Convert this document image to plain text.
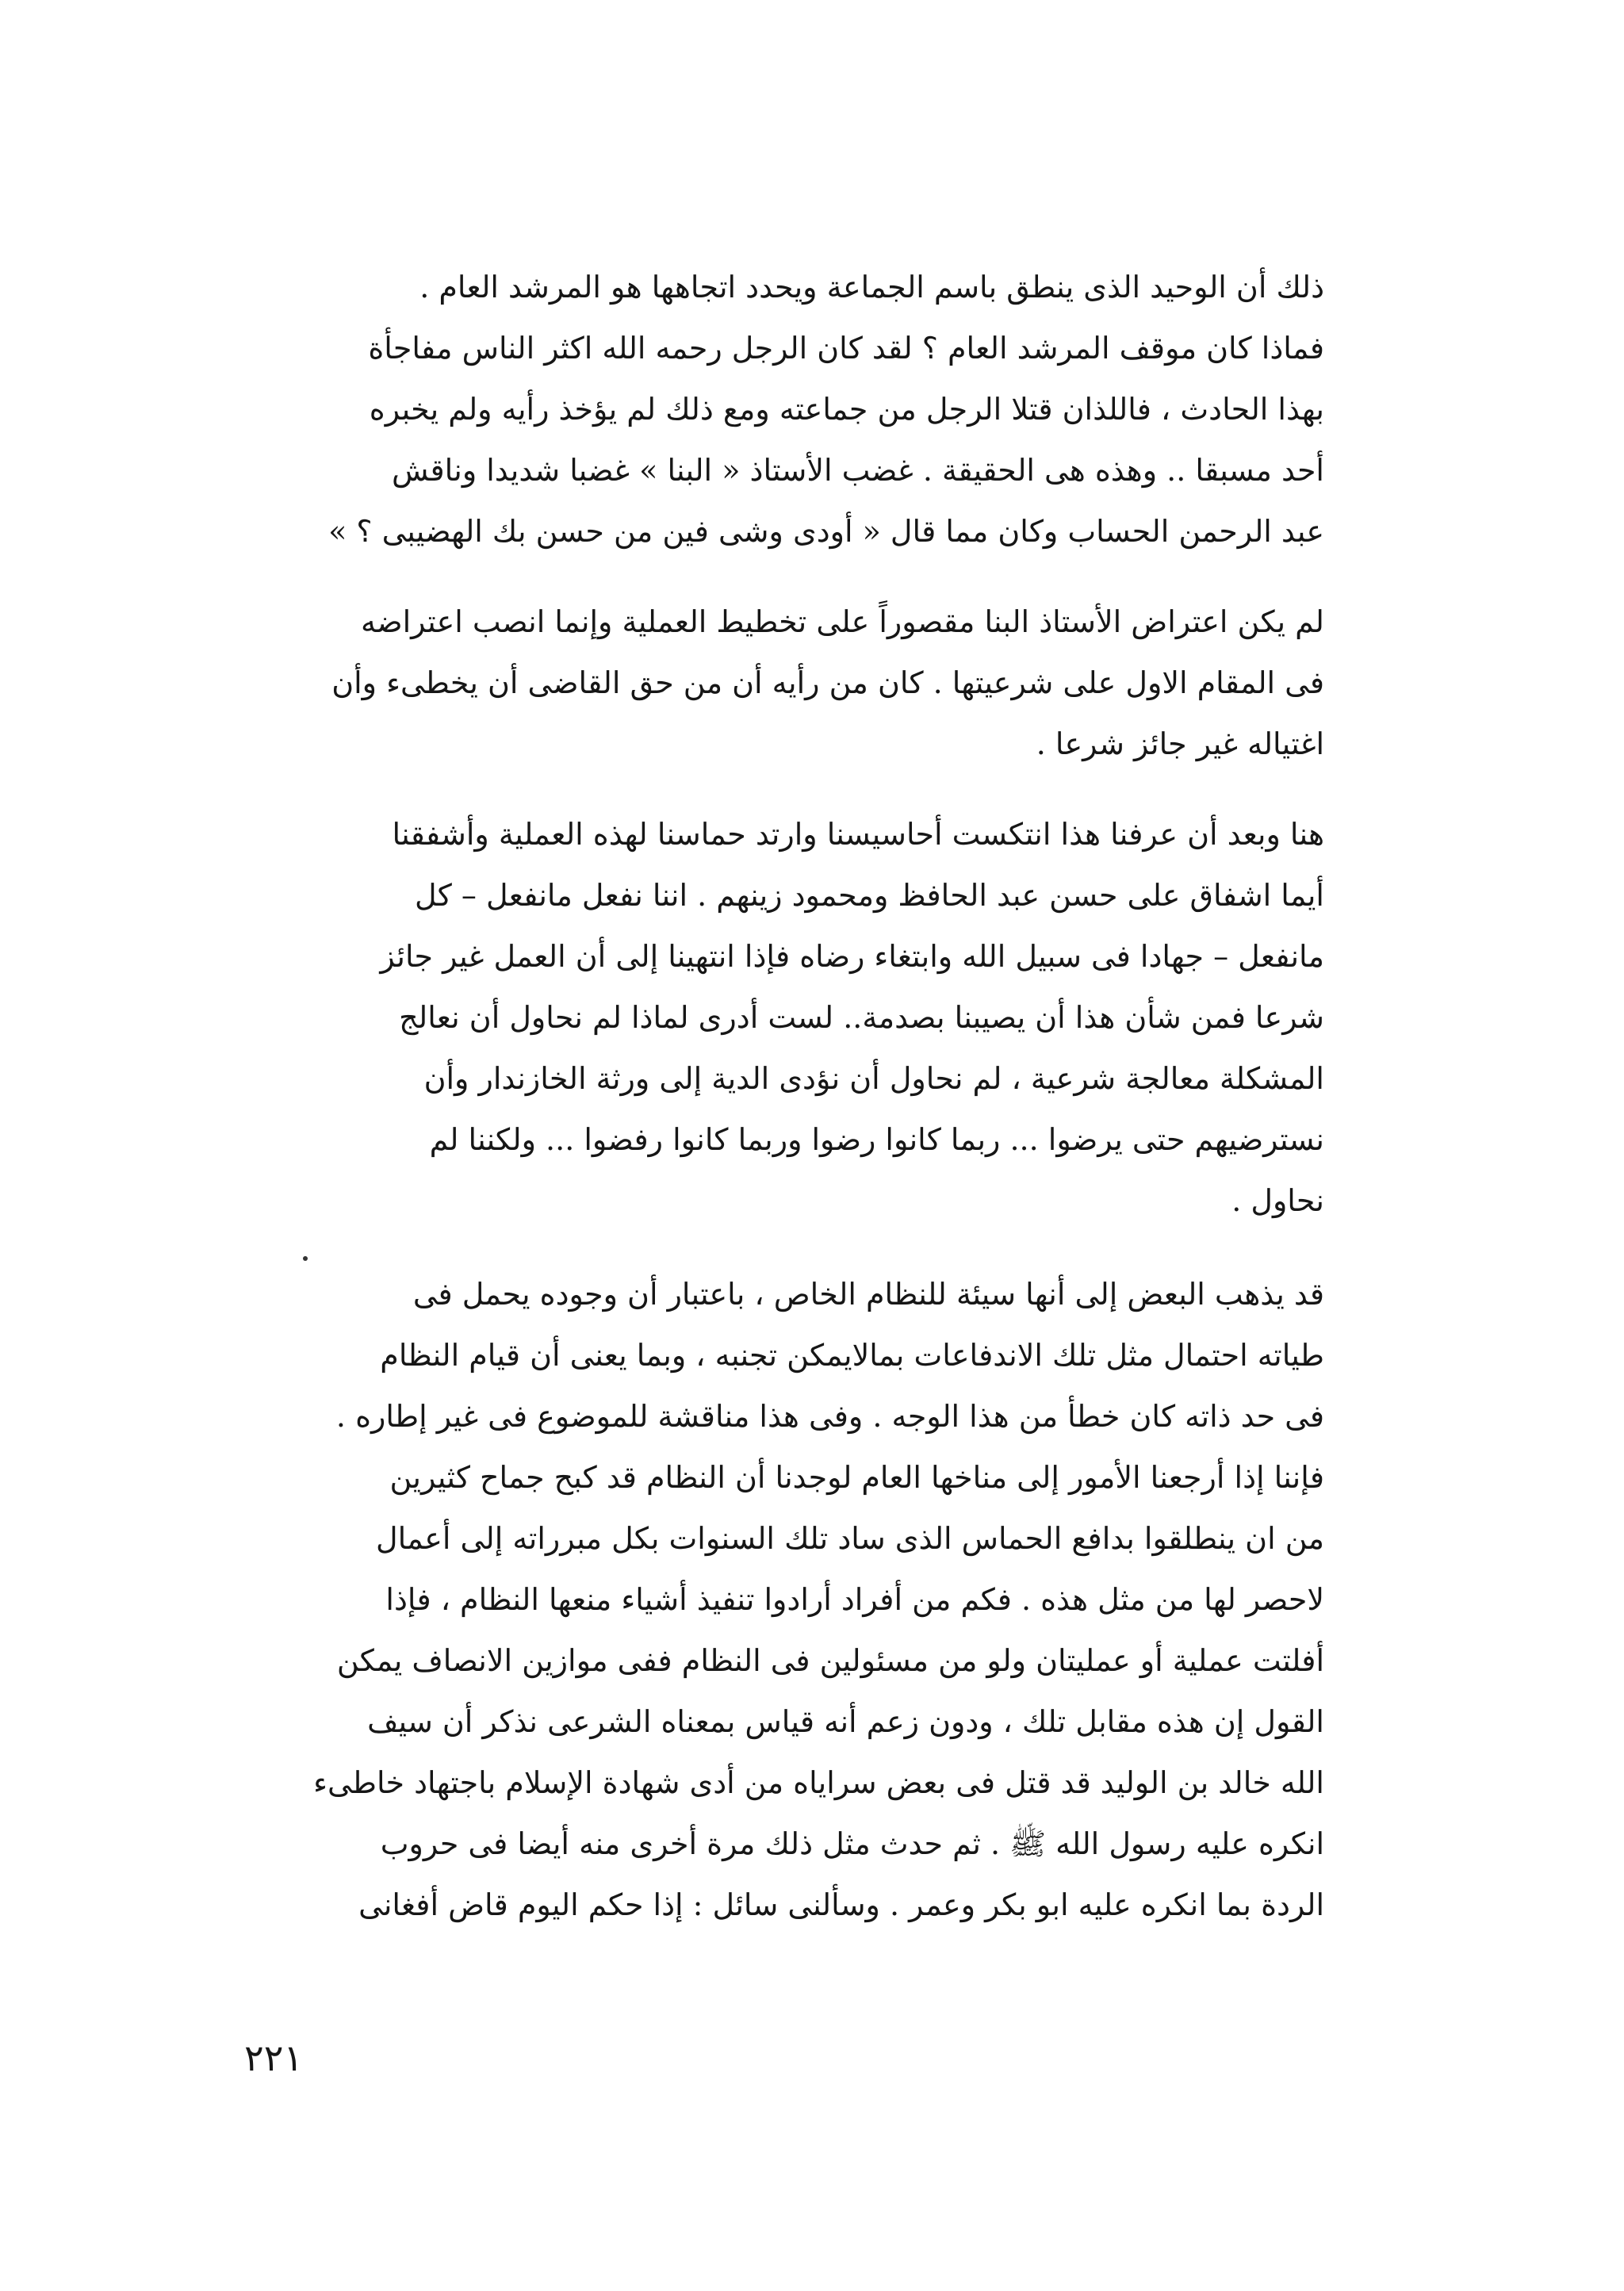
ذلك أن الوحيد الذى ينطق باسم الجماعة ويحدد اتجاهها هو المرشد العام .
فماذا كان موقف المرشد العام ؟ لقد كان الرجل رحمه الله اكثر الناس مفاجأة
بهذا الحادث ، فاللذان قتلا الرجل من جماعته ومع ذلك لم يؤخذ رأيه ولم يخبره
أحد مسبقا .. وهذه هى الحقيقة . غضب الأستاذ « البنا » غضبا شديدا وناقش
عبد الرحمن الحساب وكان مما قال « أودى وشى فين من حسن بك الهضيبى ؟ »
لم يكن اعتراض الأستاذ البنا مقصوراً على تخطيط العملية وإنما انصب اعتراضه
فى المقام الاول على شرعيتها . كان من رأيه أن من حق القاضى أن يخطىء وأن
اغتياله غير جائز شرعا .
هنا وبعد أن عرفنا هذا انتكست أحاسيسنا وارتد حماسنا لهذه العملية وأشفقنا
أيما اشفاق على حسن عبد الحافظ ومحمود زينهم . اننا نفعل مانفعل – كل
مانفعل – جهادا فى سبيل الله وابتغاء رضاه فإذا انتهينا إلى أن العمل غير جائز
شرعا فمن شأن هذا أن يصيبنا بصدمة.. لست أدرى لماذا لم نحاول أن نعالج
المشكلة معالجة شرعية ، لم نحاول أن نؤدى الدية إلى ورثة الخازندار وأن
نسترضيهم حتى يرضوا ... ربما كانوا رضوا وربما كانوا رفضوا ... ولكننا لم
نحاول .
قد يذهب البعض إلى أنها سيئة للنظام الخاص ، باعتبار أن وجوده يحمل فى
طياته احتمال مثل تلك الاندفاعات بمالايمكن تجنبه ، وبما يعنى أن قيام النظام
فى حد ذاته كان خطأ من هذا الوجه . وفى هذا مناقشة للموضوع فى غير إطاره .
فإننا إذا أرجعنا الأمور إلى مناخها العام لوجدنا أن النظام قد كبح جماح كثيرين
من ان ينطلقوا بدافع الحماس الذى ساد تلك السنوات بكل مبرراته إلى أعمال
لاحصر لها من مثل هذه . فكم من أفراد أرادوا تنفيذ أشياء منعها النظام ، فإذا
أفلتت عملية أو عمليتان ولو من مسئولين فى النظام ففى موازين الانصاف يمكن
القول إن هذه مقابل تلك ، ودون زعم أنه قياس بمعناه الشرعى نذكر أن سيف
الله خالد بن الوليد قد قتل فى بعض سراياه من أدى شهادة الإسلام باجتهاد خاطىء
انكره عليه رسول الله ﷺ . ثم حدث مثل ذلك مرة أخرى منه أيضا فى حروب
الردة بما انكره عليه ابو بكر وعمر . وسألنى سائل : إذا حكم اليوم قاض أفغانى
٢٢١
